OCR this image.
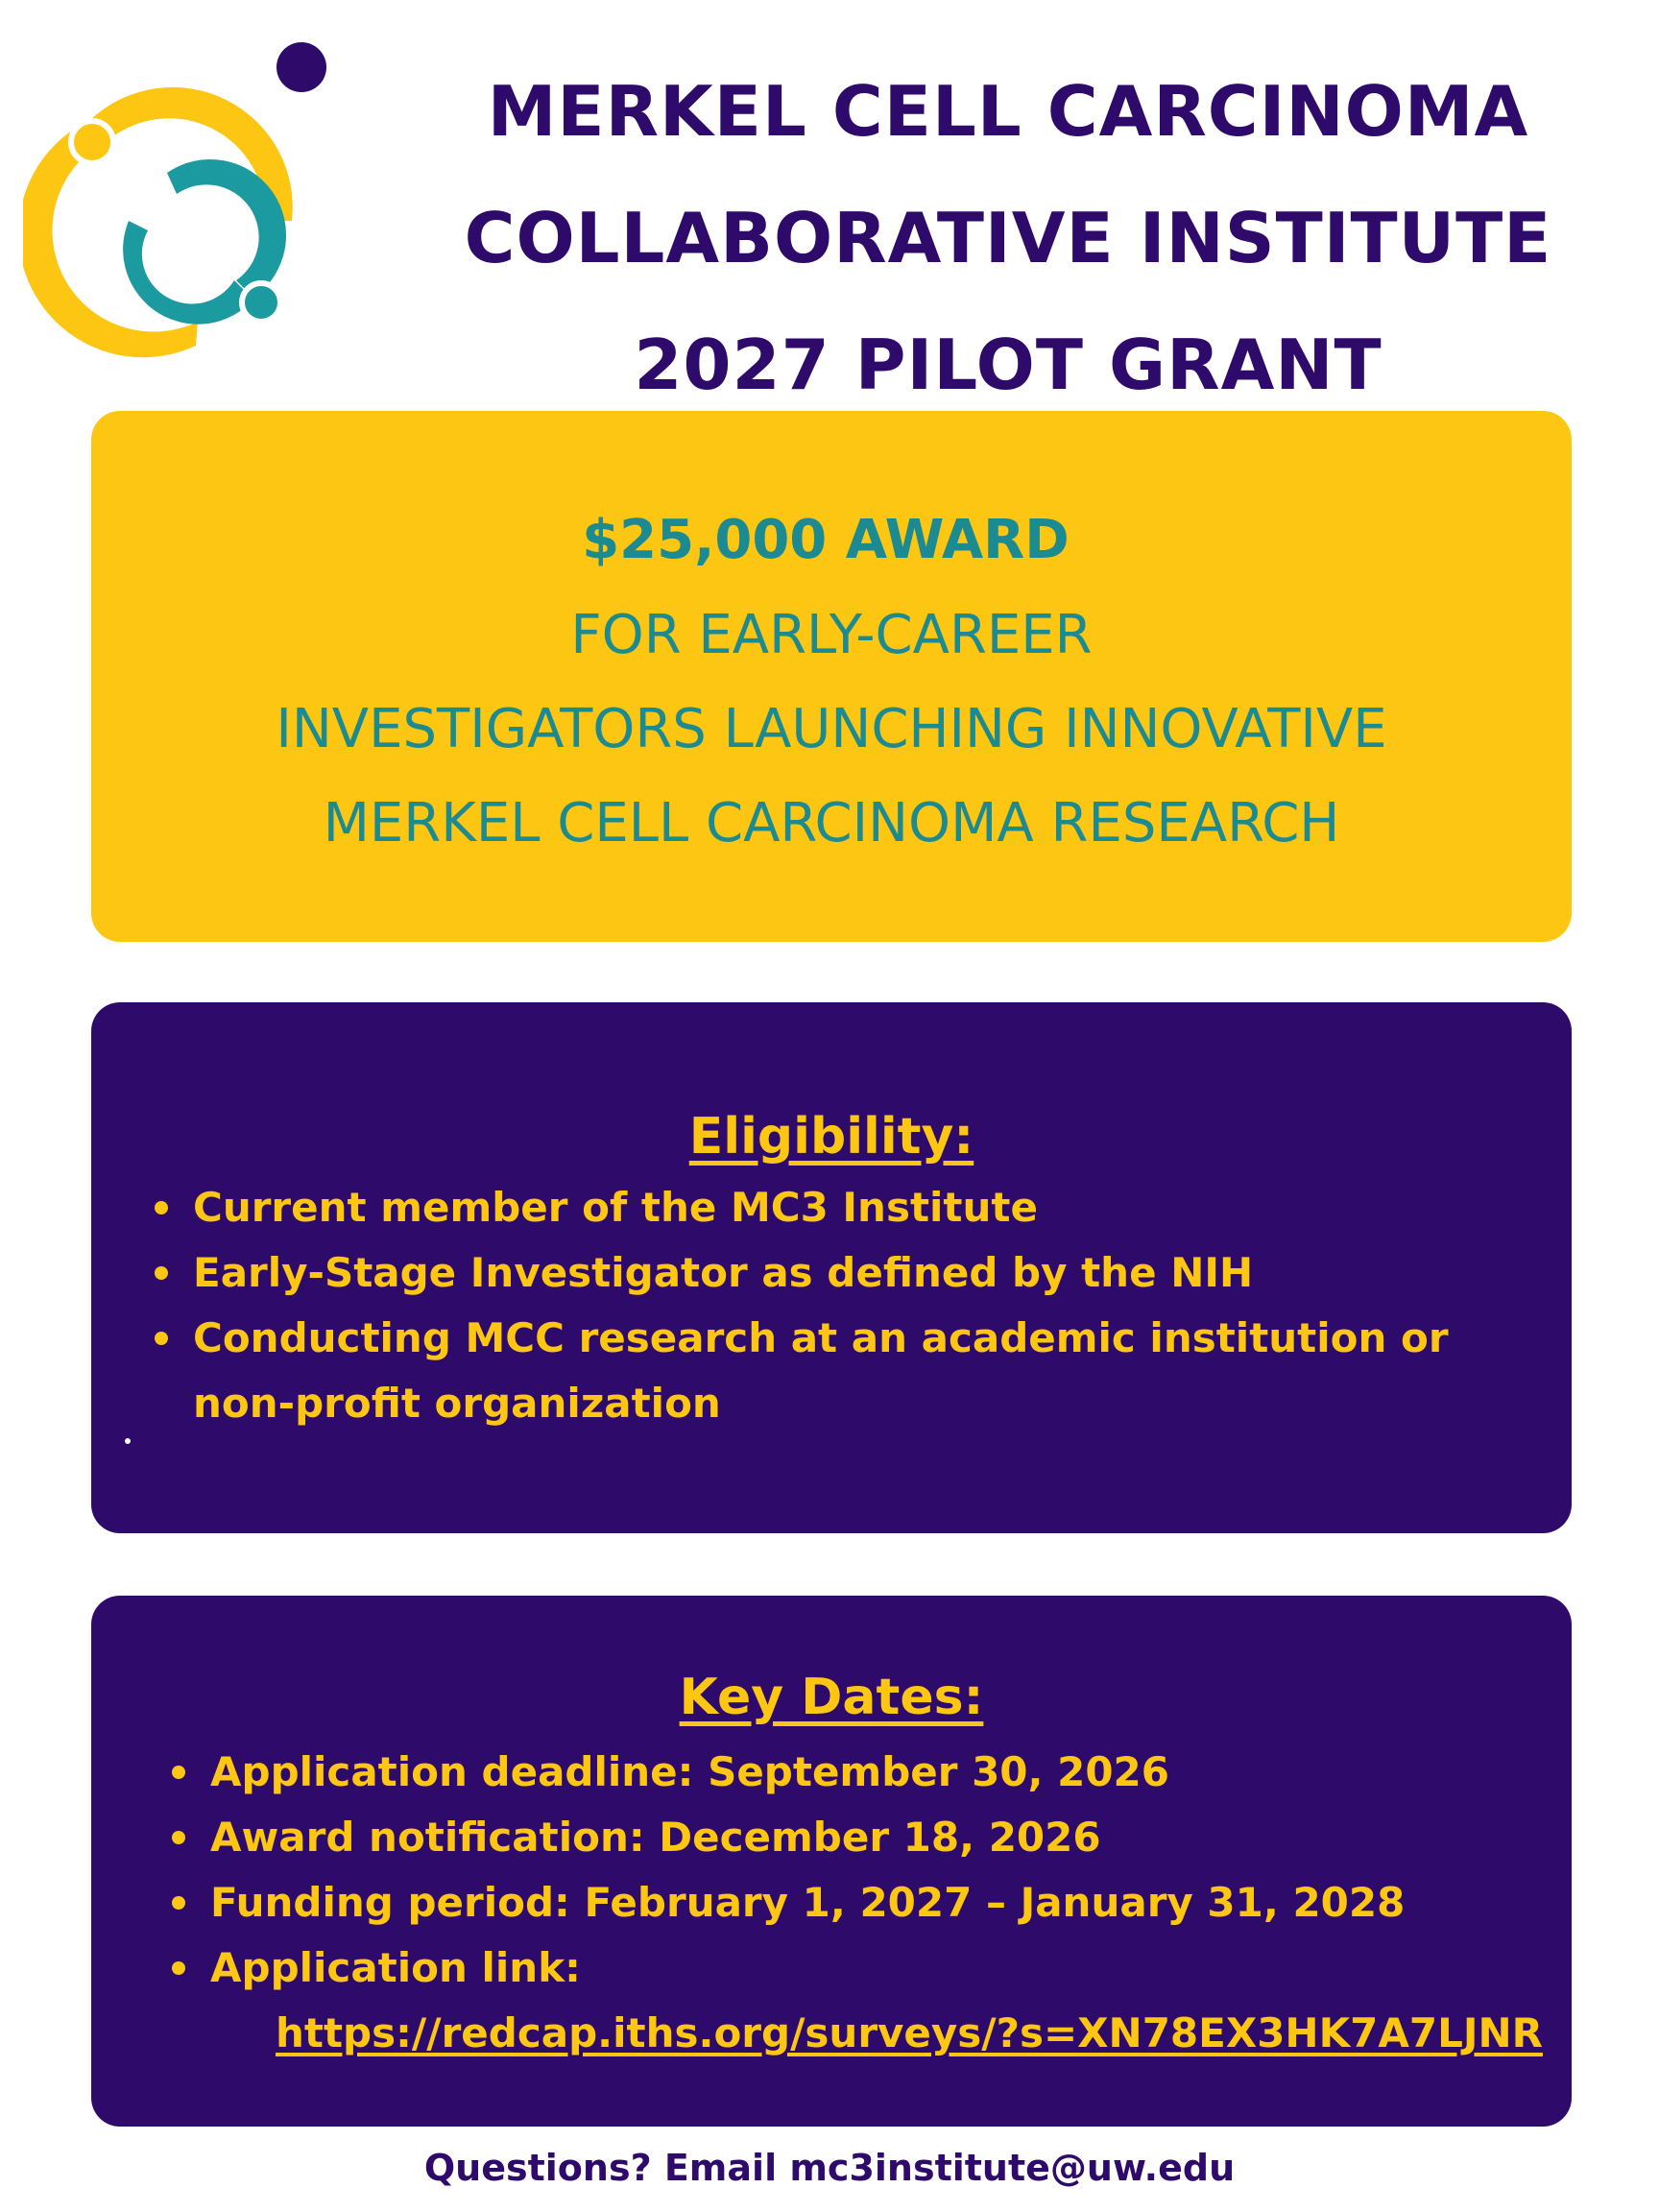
MERKEL CELL CARCINOMA
COLLABORATIVE INSTITUTE
2027 PILOT GRANT
$25,000 AWARD
FOR EARLY-CAREER
INVESTIGATORS LAUNCHING INNOVATIVE
MERKEL CELL CARCINOMA RESEARCH
Eligibility:
Current member of the MC3 Institute
Early-Stage Investigator as defined by the NIH
Conducting MCC research at an academic institution or non-profit organization
Key Dates:
Application deadline: September 30, 2026
Award notification: December 18, 2026
Funding period: February 1, 2027 – January 31, 2028
Application link:
https://redcap.iths.org/surveys/?s=XN78EX3HK7A7LJNR
Questions? Email mc3institute@uw.edu
